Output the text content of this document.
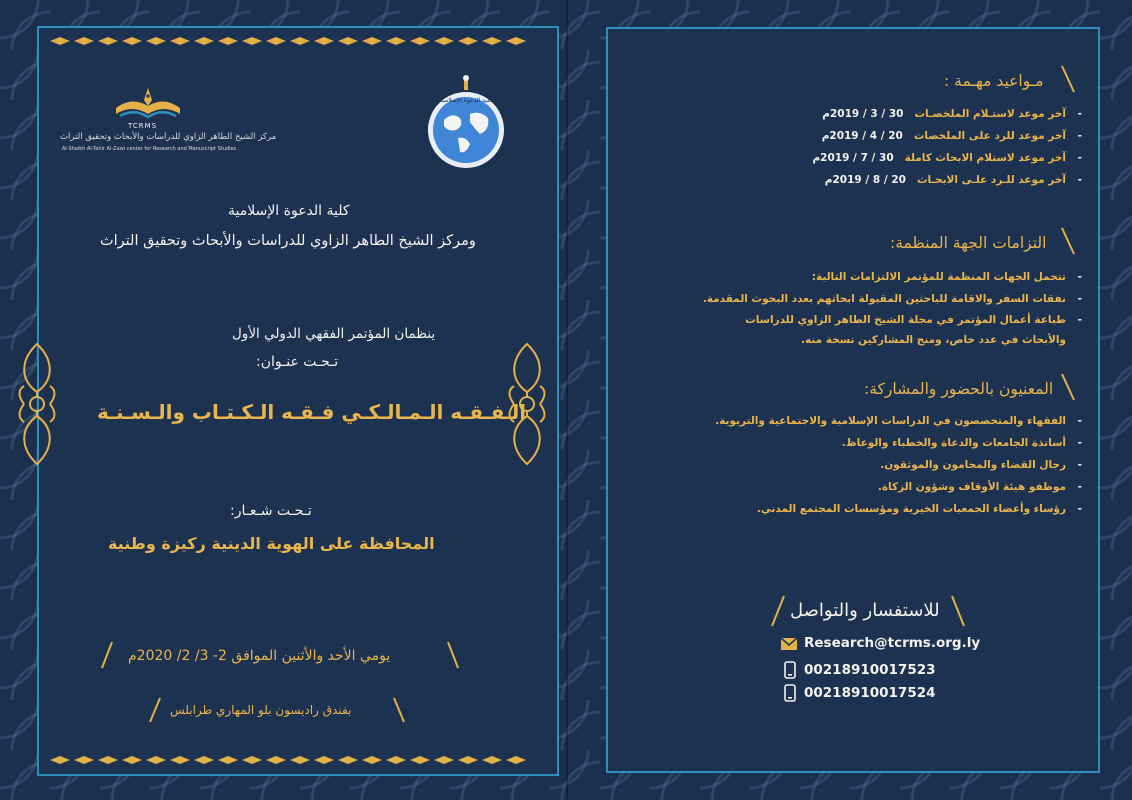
TCRMS
مركز الشيخ الطاهر الزاوي للدراسات والأبحاث وتحقيق التراث
Al-Shaikh Al-Tahir Al-Zawi center for Research and Manuscript Studies
كلية الدعوة الإسلامية
كلية الدعوة الإسلامية
ومركز الشيخ الطاهر الزاوي للدراسات والأبحاث وتحقيق التراث
ينظمان المؤتمر الفقهي الدولي الأول
تـحـت عنـوان:
الـفـقـه الـمـالـكـي فـقـه الـكـتـاب والـسـنـة
تـحـت شـعـار:
المحافظة على الهوية الدينية ركيزة وطنية
يومي الأحد والأثنين الموافق 2- 3/ 2/ 2020م
بفندق راديسون بلو المهاري طرابلس
مـواعيد مهـمة :
-
آخر موعد لاستـلام الملخصـات   30 / 3 / 2019م
-
آخر موعد للرد على الملخصات   20 / 4 / 2019م
-
آخر موعد لاستلام الابحاث كاملة   30 / 7 / 2019م
-
آخر موعد للـرد علـى الابحـاث   20 / 8 / 2019م
التزامات الجهة المنظمة:
-
تتحمل الجهات المنظمة للمؤتمر الالتزامات التالية:
-
نفقات السفر والاقامة للباحثين المقبولة ابحاثهم بعدد البحوث المقدمة.
-
طباعة أعمال المؤتمر في مجلة الشيخ الطاهر الزاوي للدراسات والأبحاث في عدد خاص، ومنح المشاركين نسخة منه.
المعنيون بالحضور والمشاركة:
-
الفقهاء والمتخصصون في الدراسات الإسلامية والاجتماعية والتربوية.
-
أساتذة الجامعات والدعاة والخطباء والوعاظ.
-
رجال القضاء والمحامون والموثقون.
-
موظفو هيئة الأوقاف وشؤون الزكاة.
-
رؤساء وأعضاء الجمعيات الخيرية ومؤسسات المجتمع المدني.
للاستفسار والتواصل
Research@tcrms.org.ly
00218910017523
00218910017524
